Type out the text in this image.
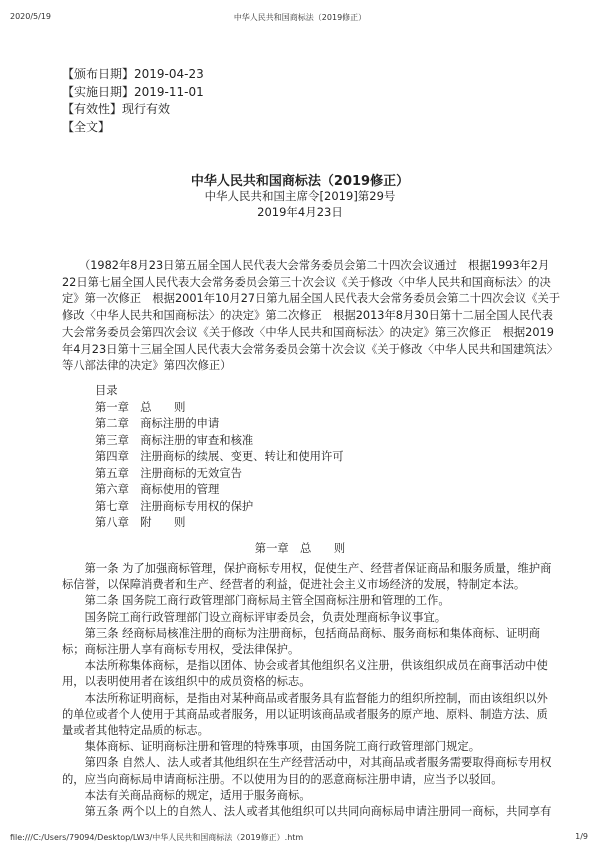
2020/5/19	中华人民共和国商标法（2019修正）
【颁布日期】2019-04-23
【实施日期】2019-11-01
【有效性】现行有效
【全文】
中华人民共和国商标法（2019修正）
中华人民共和国主席令[2019]第29号
2019年4月23日
　　（1982年8月23日第五届全国人民代表大会常务委员会第二十四次会议通过　根据1993年2月
22日第七届全国人民代表大会常务委员会第三十次会议《关于修改〈中华人民共和国商标法〉的决
定》第一次修正　根据2001年10月27日第九届全国人民代表大会常务委员会第二十四次会议《关于
修改〈中华人民共和国商标法〉的决定》第二次修正　根据2013年8月30日第十二届全国人民代表
大会常务委员会第四次会议《关于修改〈中华人民共和国商标法〉的决定》第三次修正　根据2019
年4月23日第十三届全国人民代表大会常务委员会第十次会议《关于修改〈中华人民共和国建筑法〉
等八部法律的决定》第四次修正）
目录
第一章　总　　则
第二章　商标注册的申请
第三章　商标注册的审查和核准
第四章　注册商标的续展、变更、转让和使用许可
第五章　注册商标的无效宣告
第六章　商标使用的管理
第七章　注册商标专用权的保护
第八章　附　　则
第一章　总　　则
　　第一条 为了加强商标管理，保护商标专用权，促使生产、经营者保证商品和服务质量，维护商
标信誉，以保障消费者和生产、经营者的利益，促进社会主义市场经济的发展，特制定本法。
　　第二条 国务院工商行政管理部门商标局主管全国商标注册和管理的工作。
　　国务院工商行政管理部门设立商标评审委员会，负责处理商标争议事宜。
　　第三条 经商标局核准注册的商标为注册商标，包括商品商标、服务商标和集体商标、证明商
标；商标注册人享有商标专用权，受法律保护。
　　本法所称集体商标，是指以团体、协会或者其他组织名义注册，供该组织成员在商事活动中使
用，以表明使用者在该组织中的成员资格的标志。
　　本法所称证明商标，是指由对某种商品或者服务具有监督能力的组织所控制，而由该组织以外
的单位或者个人使用于其商品或者服务，用以证明该商品或者服务的原产地、原料、制造方法、质
量或者其他特定品质的标志。
　　集体商标、证明商标注册和管理的特殊事项，由国务院工商行政管理部门规定。
　　第四条 自然人、法人或者其他组织在生产经营活动中，对其商品或者服务需要取得商标专用权
的，应当向商标局申请商标注册。不以使用为目的的恶意商标注册申请，应当予以驳回。
　　本法有关商品商标的规定，适用于服务商标。
　　第五条 两个以上的自然人、法人或者其他组织可以共同向商标局申请注册同一商标，共同享有
file:///C:/Users/79094/Desktop/LW3/中华人民共和国商标法（2019修正）.htm	1/9
